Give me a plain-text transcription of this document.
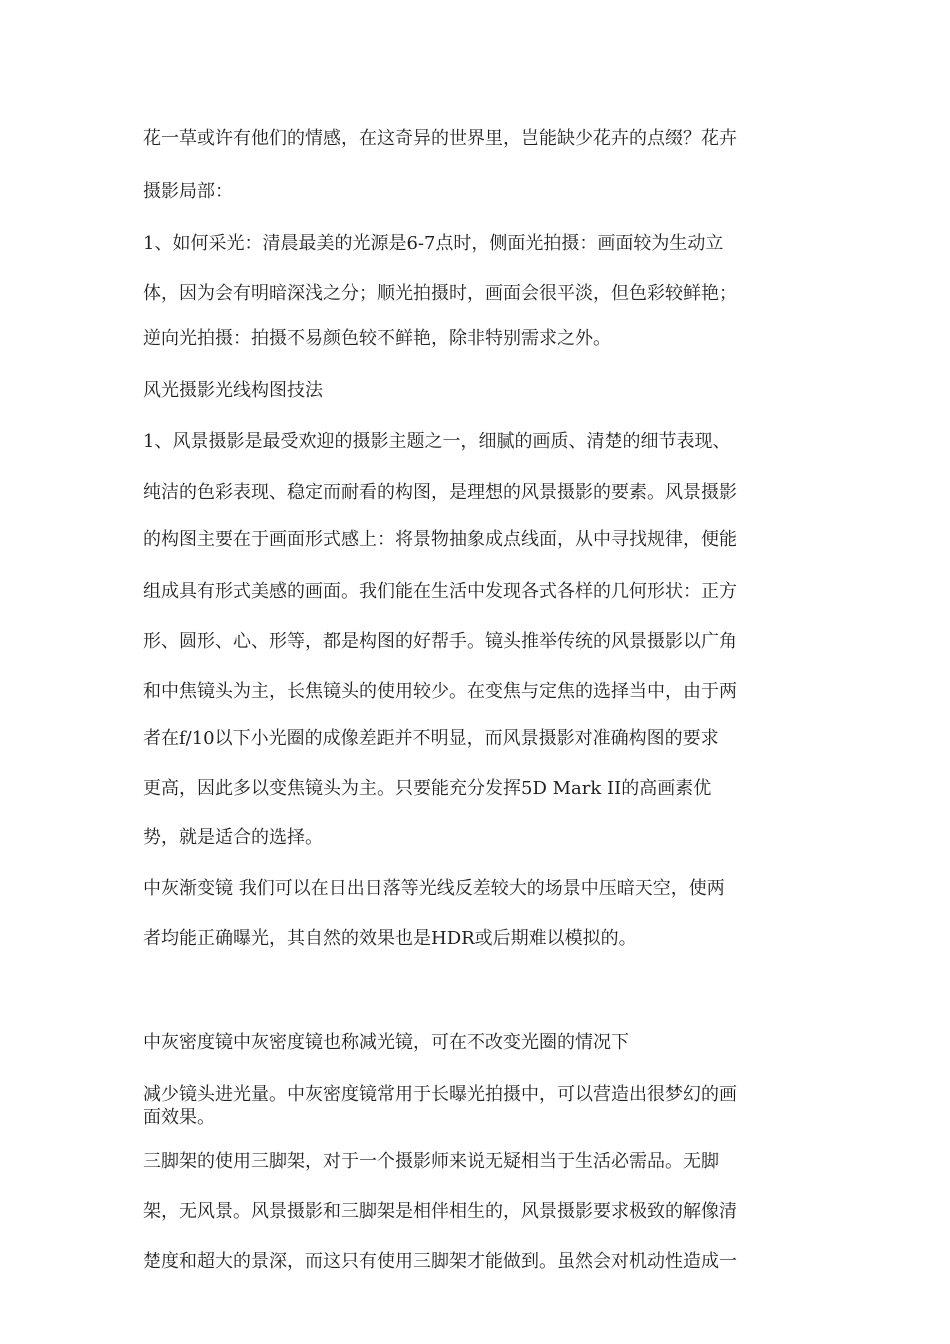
花一草或许有他们的情感，在这奇异的世界里，岂能缺少花卉的点缀？花卉
摄影局部：
1、如何采光：清晨最美的光源是6-7点时，侧面光拍摄：画面较为生动立
体，因为会有明暗深浅之分；顺光拍摄时，画面会很平淡，但色彩较鲜艳；
逆向光拍摄：拍摄不易颜色较不鲜艳，除非特别需求之外。
风光摄影光线构图技法
1、风景摄影是最受欢迎的摄影主题之一，细腻的画质、清楚的细节表现、
纯洁的色彩表现、稳定而耐看的构图，是理想的风景摄影的要素。风景摄影
的构图主要在于画面形式感上：将景物抽象成点线面，从中寻找规律，便能
组成具有形式美感的画面。我们能在生活中发现各式各样的几何形状：正方
形、圆形、心、形等，都是构图的好帮手。镜头推举传统的风景摄影以广角
和中焦镜头为主，长焦镜头的使用较少。在变焦与定焦的选择当中，由于两
者在f/10以下小光圈的成像差距并不明显，而风景摄影对准确构图的要求
更高，因此多以变焦镜头为主。只要能充分发挥5D Mark II的高画素优
势，就是适合的选择。
中灰渐变镜 我们可以在日出日落等光线反差较大的场景中压暗天空，使两
者均能正确曝光，其自然的效果也是HDR或后期难以模拟的。
中灰密度镜中灰密度镜也称减光镜，可在不改变光圈的情况下
减少镜头进光量。中灰密度镜常用于长曝光拍摄中，可以营造出很梦幻的画
面效果。
三脚架的使用三脚架，对于一个摄影师来说无疑相当于生活必需品。无脚
架，无风景。风景摄影和三脚架是相伴相生的，风景摄影要求极致的解像清
楚度和超大的景深，而这只有使用三脚架才能做到。虽然会对机动性造成一
